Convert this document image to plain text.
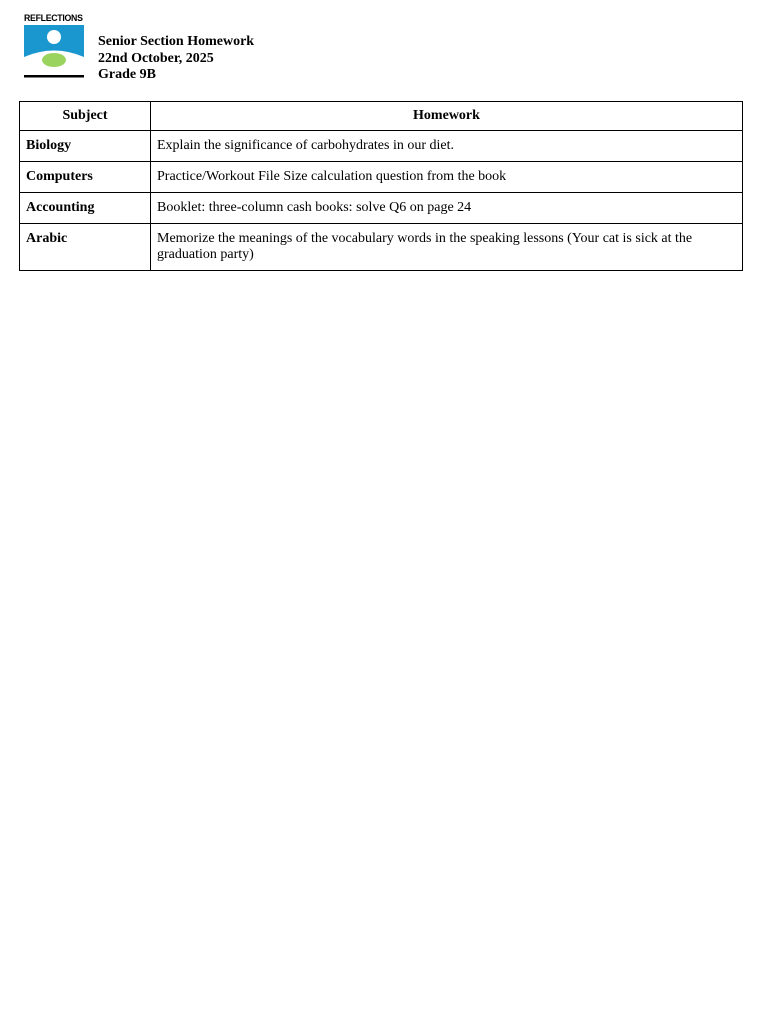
REFLECTIONS
Senior Section Homework
22nd October, 2025
Grade 9B
Subject	Homework
Biology	Explain the significance of carbohydrates in our diet.
Computers	Practice/Workout File Size calculation question from the book
Accounting	Booklet: three-column cash books: solve Q6 on page 24
Arabic	Memorize the meanings of the vocabulary words in the speaking lessons (Your cat is sick at the graduation party)
